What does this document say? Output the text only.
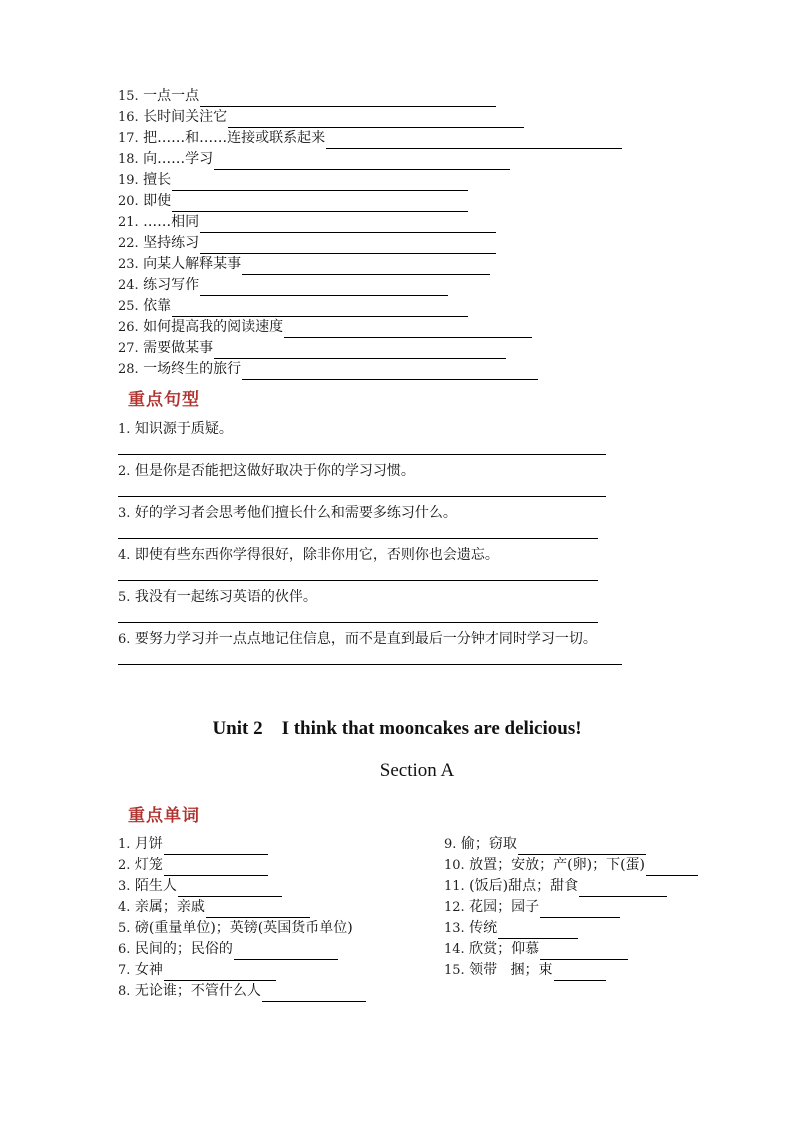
15.
一点一点
16.
长时间关注它
17.
把……和……连接或联系起来
18.
向……学习
19.
擅长
20.
即使
21.
……相同
22.
坚持练习
23.
向某人解释某事
24.
练习写作
25.
依靠
26.
如何提高我的阅读速度
27.
需要做某事
28.
一场终生的旅行
重点句型
1. 知识源于质疑。
2. 但是你是否能把这做好取决于你的学习习惯。
3. 好的学习者会思考他们擅长什么和需要多练习什么。
4. 即使有些东西你学得很好，除非你用它，否则你也会遗忘。
5. 我没有一起练习英语的伙伴。
6. 要努力学习并一点点地记住信息，而不是直到最后一分钟才同时学习一切。
Unit 2    I think that mooncakes are delicious!
Section A
重点单词
1.
月饼
2.
灯笼
3.
陌生人
4.
亲属；亲戚
5.
磅(重量单位)；英镑(英国货币单位)
6.
民间的；民俗的
7.
女神
8.
无论谁；不管什么人
9.
偷；窃取
10.
放置；安放；产(卵)；下(蛋)
11.
(饭后)甜点；甜食
12.
花园；园子
13.
传统
14.
欣赏；仰慕
15.
领带   捆；束
